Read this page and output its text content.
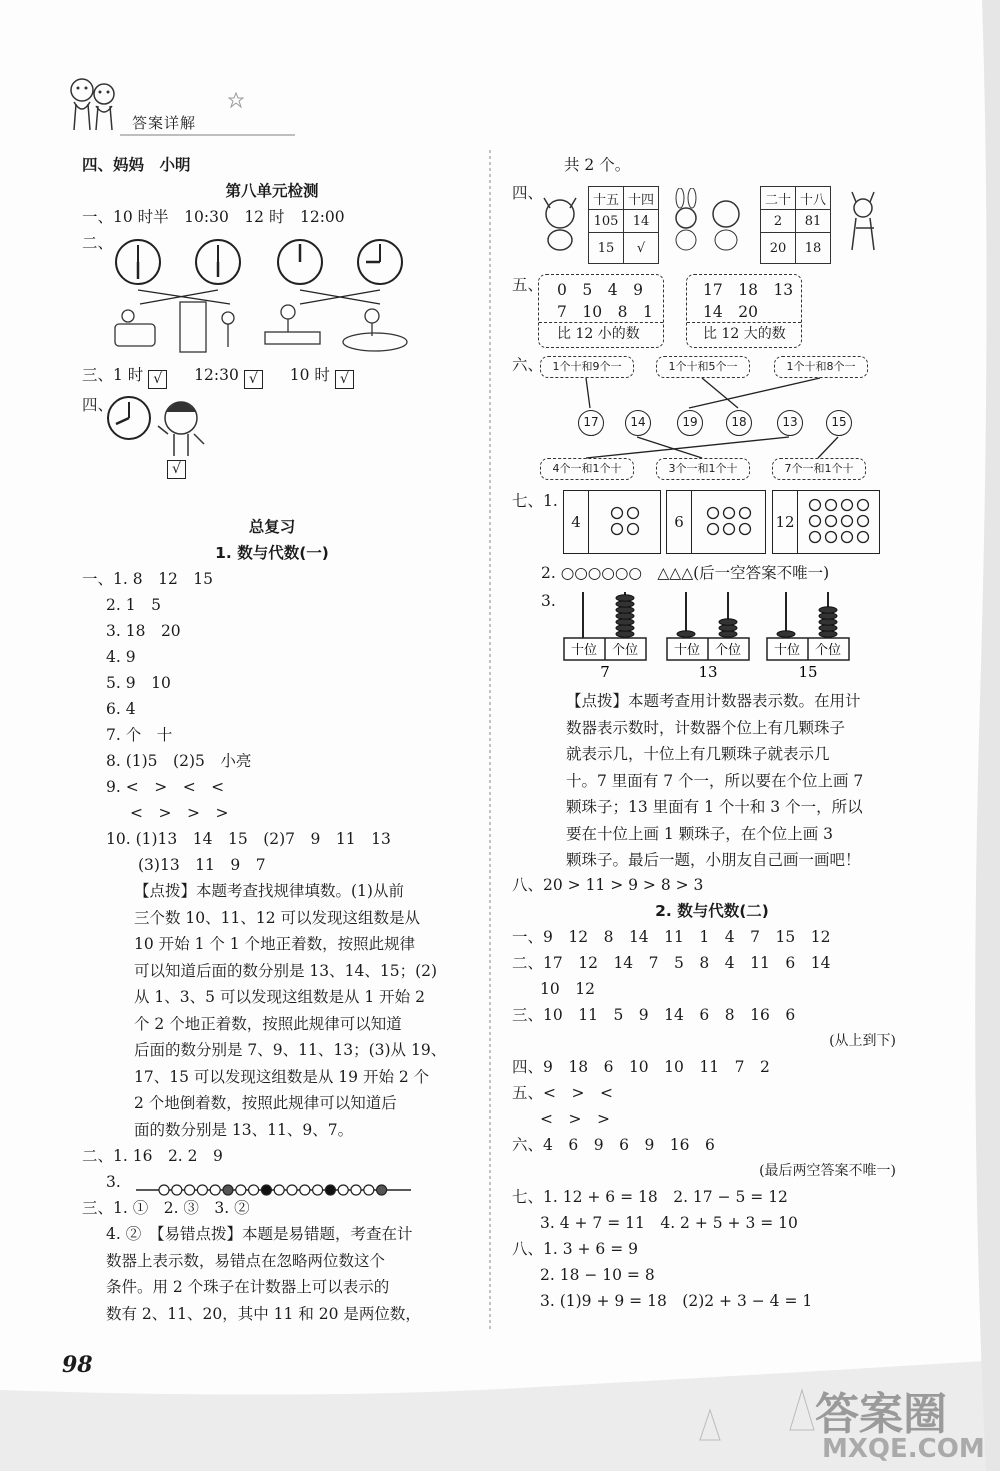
答案详解
四、妈妈　小明
第八单元检测
一、10 时半　10:30　12 时　12:00
二、
三、1 时 √ 12:30 √ 10 时 √
四、
√
总复习
1. 数与代数(一)
一、1. 8　12　15
2. 1　5
3. 18　20
4. 9
5. 9　10
6. 4
7. 个　十
8. (1)5　(2)5　小亮
9. <　>　<　<
<　>　>　>
10. (1)13　14　15　(2)7　9　11　13
(3)13　11　9　7
【点拨】本题考查找规律填数。(1)从前
三个数 10、11、12 可以发现这组数是从
10 开始 1 个 1 个地正着数，按照此规律
可以知道后面的数分别是 13、14、15；(2)
从 1、3、5 可以发现这组数是从 1 开始 2
个 2 个地正着数，按照此规律可以知道
后面的数分别是 7、9、11、13；(3)从 19、
17、15 可以发现这组数是从 19 开始 2 个
2 个地倒着数，按照此规律可以知道后
面的数分别是 13、11、9、7。
二、1. 16　2. 2　9
3.
三、1. ①　2. ③　3. ②
4. ②　【易错点拨】本题是易错题，考查在计
数器上表示数，易错点在忽略两位数这个
条件。用 2 个珠子在计数器上可以表示的
数有 2、11、20，其中 11 和 20 是两位数，
共 2 个。
四、	十五	十四
105	14
15	√
二十	十八
2	81
20	18
五、 0　5　4　9
7　10　8　1
比 12 小的数
17　18　13
14　20
比 12 大的数
六、 1个十和9个一	1个十和5个一	1个十和8个一
17	14	19	18	13	15
4个一和1个十	3个一和1个十	7个一和1个十
七、1.
4	6	12
2. ○○○○○○　△△△(后一空答案不唯一)
3.
十位 个位
7
十位 个位
13
十位 个位
15
【点拨】本题考查用计数器表示数。在用计
数器表示数时，计数器个位上有几颗珠子
就表示几，十位上有几颗珠子就表示几
十。7 里面有 7 个一，所以要在个位上画 7
颗珠子；13 里面有 1 个十和 3 个一，所以
要在十位上画 1 颗珠子，在个位上画 3
颗珠子。最后一题，小朋友自己画一画吧！
八、20 > 11 > 9 > 8 > 3
2. 数与代数(二)
一、9　12　8　14　11　1　4　7　15　12
二、17　12　14　7　5　8　4　11　6　14
10　12
三、10　11　5　9　14　6　8　16　6
(从上到下)
四、9　18　6　10　10　11　7　2
五、<　>　<
<　>　>
六、4　6　9　6　9　16　6
(最后两空答案不唯一)
七、1. 12 + 6 = 18　2. 17 − 5 = 12
3. 4 + 7 = 11　4. 2 + 5 + 3 = 10
八、1. 3 + 6 = 9
2. 18 − 10 = 8
3. (1)9 + 9 = 18　(2)2 + 3 − 4 = 1
98
答案圈
MXQE.COM
